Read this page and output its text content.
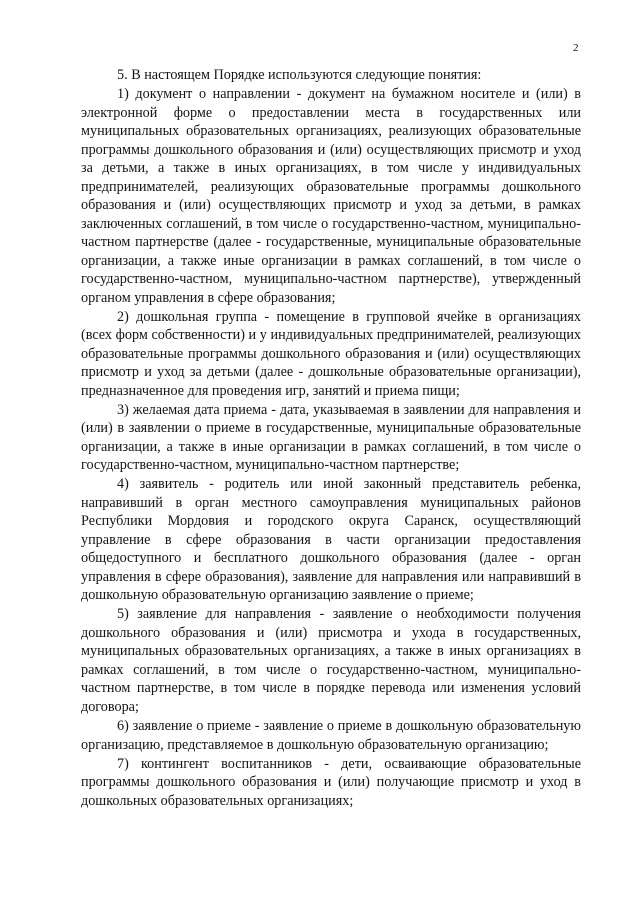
2

5. В настоящем Порядке используются следующие понятия:

1) документ о направлении - документ на бумажном носителе и (или) в электронной форме о предоставлении места в государственных или муниципальных образовательных организациях, реализующих образовательные программы дошкольного образования и (или) осуществляющих присмотр и уход за детьми, а также в иных организациях, в том числе у индивидуальных предпринимателей, реализующих образовательные программы дошкольного образования и (или) осуществляющих присмотр и уход за детьми, в рамках заключенных соглашений, в том числе о государственно-частном, муниципально-частном партнерстве (далее - государственные, муниципальные образовательные организации, а также иные организации в рамках соглашений, в том числе о государственно-частном, муниципально-частном партнерстве), утвержденный органом управления в сфере образования;

2) дошкольная группа - помещение в групповой ячейке в организациях (всех форм собственности) и у индивидуальных предпринимателей, реализующих образовательные программы дошкольного образования и (или) осуществляющих присмотр и уход за детьми (далее - дошкольные образовательные организации), предназначенное для проведения игр, занятий и приема пищи;

3) желаемая дата приема - дата, указываемая в заявлении для направления и (или) в заявлении о приеме в государственные, муниципальные образовательные организации, а также в иные организации в рамках соглашений, в том числе о государственно-частном, муниципально-частном партнерстве;

4) заявитель - родитель или иной законный представитель ребенка, направивший в орган местного самоуправления муниципальных районов Республики Мордовия и городского округа Саранск, осуществляющий управление в сфере образования в части организации предоставления общедоступного и бесплатного дошкольного образования (далее - орган управления в сфере образования), заявление для направления или направивший в дошкольную образовательную организацию заявление о приеме;

5) заявление для направления - заявление о необходимости получения дошкольного образования и (или) присмотра и ухода в государственных, муниципальных образовательных организациях, а также в иных организациях в рамках соглашений, в том числе о государственно-частном, муниципально-частном партнерстве, в том числе в порядке перевода или изменения условий договора;

6) заявление о приеме - заявление о приеме в дошкольную образовательную организацию, представляемое в дошкольную образовательную организацию;

7) контингент воспитанников - дети, осваивающие образовательные программы дошкольного образования и (или) получающие присмотр и уход в дошкольных образовательных организациях;
